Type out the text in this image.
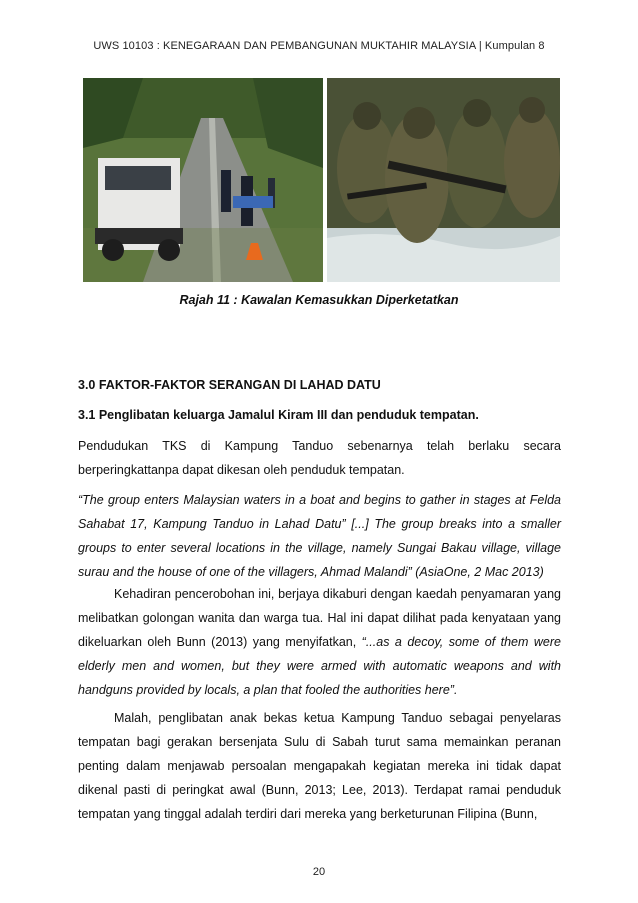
UWS 10103 : KENEGARAAN DAN PEMBANGUNAN MUKTAHIR MALAYSIA | Kumpulan 8
Rajah 11 : Kawalan Kemasukkan Diperketatkan
3.0 FAKTOR-FAKTOR SERANGAN DI LAHAD DATU
3.1 Penglibatan keluarga Jamalul Kiram III dan penduduk tempatan.

Pendudukan TKS di Kampung Tanduo sebenarnya telah berlaku secara berperingkattanpa dapat dikesan oleh penduduk tempatan.

“The group enters Malaysian waters in a boat and begins to gather in stages at Felda Sahabat 17, Kampung Tanduo in Lahad Datu” [...] The group breaks into a smaller groups to enter several locations in the village, namely Sungai Bakau village, village surau and the house of one of the villagers, Ahmad Malandi” (AsiaOne, 2 Mac 2013)

Kehadiran pencerobohan ini, berjaya dikaburi dengan kaedah penyamaran yang melibatkan golongan wanita dan warga tua. Hal ini dapat dilihat pada kenyataan yang dikeluarkan oleh Bunn (2013) yang menyifatkan, “...as a decoy, some of them were elderly men and women, but they were armed with automatic weapons and with handguns provided by locals, a plan that fooled the authorities here”.

Malah, penglibatan anak bekas ketua Kampung Tanduo sebagai penyelaras tempatan bagi gerakan bersenjata Sulu di Sabah turut sama memainkan peranan penting dalam menjawab persoalan mengapakah kegiatan mereka ini tidak dapat dikenal pasti di peringkat awal (Bunn, 2013; Lee, 2013). Terdapat ramai penduduk tempatan yang tinggal adalah terdiri dari mereka yang berketurunan Filipina (Bunn,

20
